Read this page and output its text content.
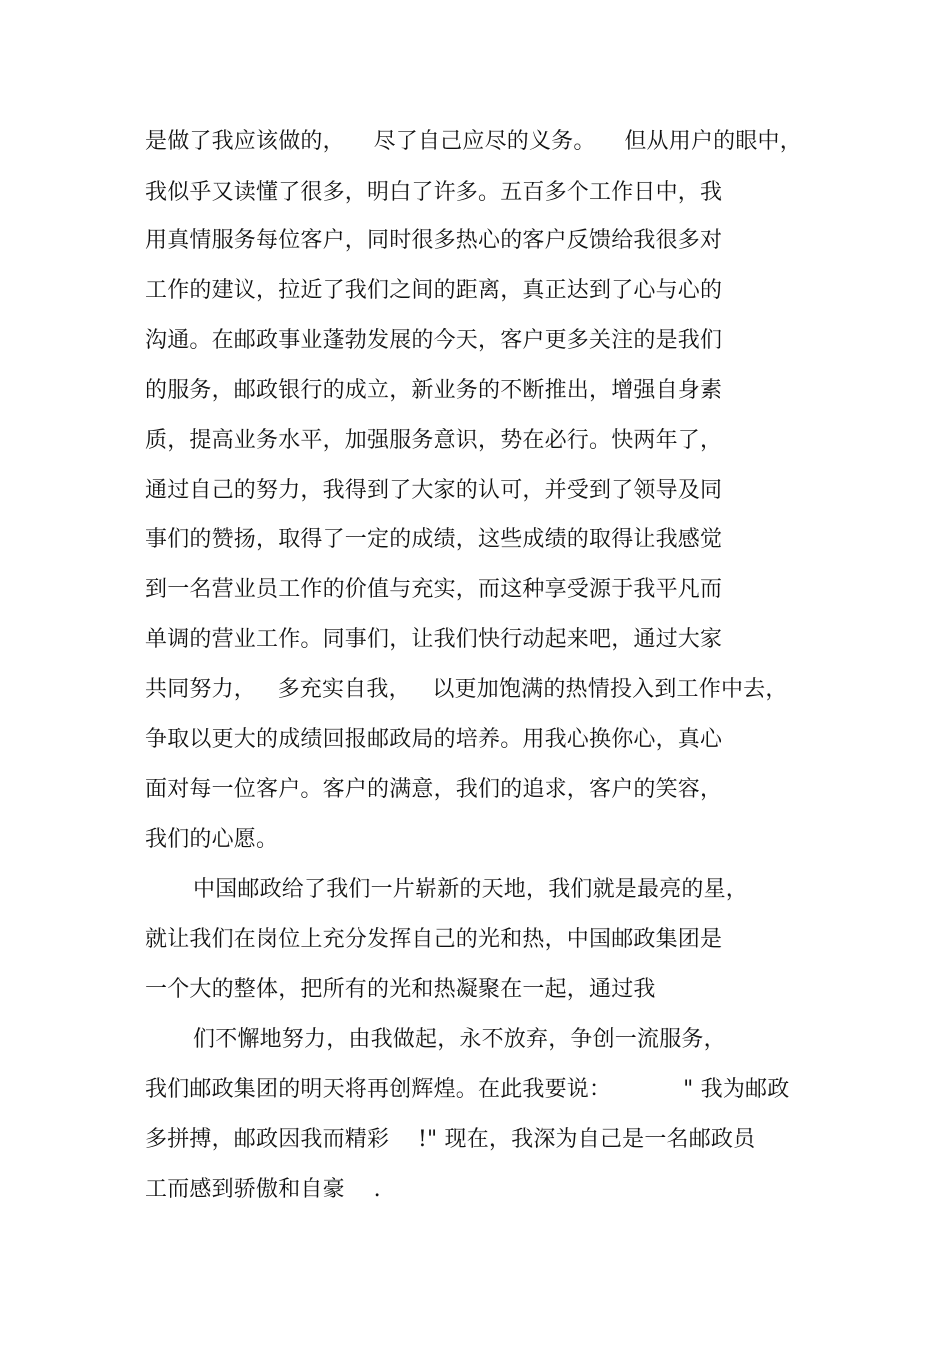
是做了我应该做的，    尽了自己应尽的义务。    但从用户的眼中，
我似乎又读懂了很多，明白了许多。五百多个工作日中，我
用真情服务每位客户，同时很多热心的客户反馈给我很多对
工作的建议，拉近了我们之间的距离，真正达到了心与心的
沟通。在邮政事业蓬勃发展的今天，客户更多关注的是我们
的服务，邮政银行的成立，新业务的不断推出，增强自身素
质，提高业务水平，加强服务意识，势在必行。快两年了，
通过自己的努力，我得到了大家的认可，并受到了领导及同
事们的赞扬，取得了一定的成绩，这些成绩的取得让我感觉
到一名营业员工作的价值与充实，而这种享受源于我平凡而
单调的营业工作。同事们，让我们快行动起来吧，通过大家
共同努力，   多充实自我，   以更加饱满的热情投入到工作中去，
争取以更大的成绩回报邮政局的培养。用我心换你心，真心
面对每一位客户。客户的满意，我们的追求，客户的笑容，
我们的心愿。
中国邮政给了我们一片崭新的天地，我们就是最亮的星，
就让我们在岗位上充分发挥自己的光和热，中国邮政集团是
一个大的整体，把所有的光和热凝聚在一起，通过我
们不懈地努力，由我做起，永不放弃，争创一流服务，
我们邮政集团的明天将再创辉煌。在此我要说：          " 我为邮政
多拼搏，邮政因我而精彩    !" 现在，我深为自己是一名邮政员
工而感到骄傲和自豪    .
